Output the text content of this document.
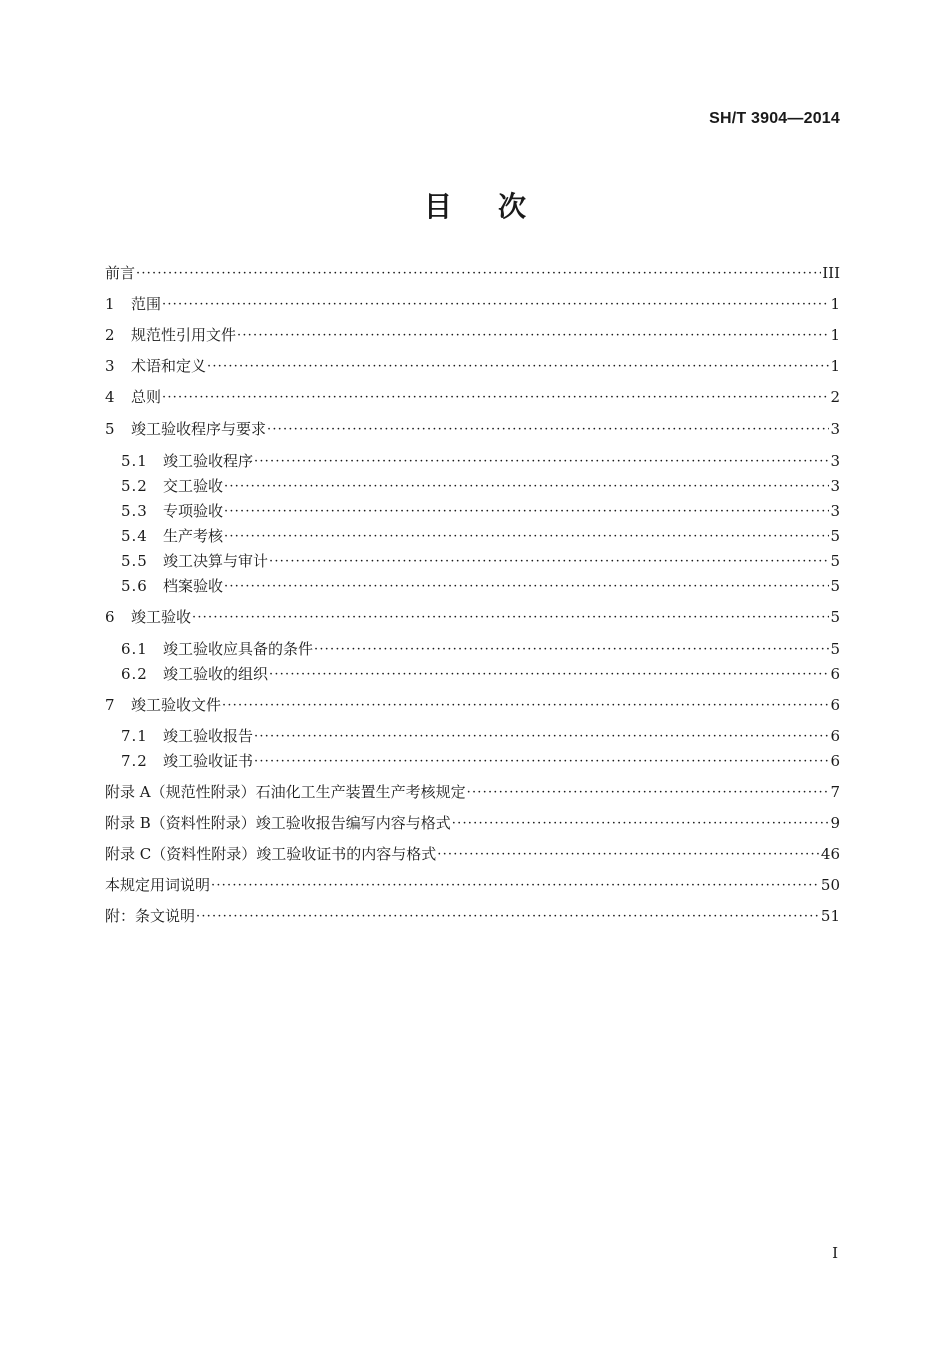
SH/T 3904—2014
目次
前言 ·····	III
1	范围 ·····	1
2	规范性引用文件 ·····	1
3	术语和定义 ·····	1
4	总则 ·····	2
5	竣工验收程序与要求 ·····	3
5.1	竣工验收程序 ·····	3
5.2	交工验收 ·····	3
5.3	专项验收 ·····	3
5.4	生产考核 ·····	5
5.5	竣工决算与审计 ·····	5
5.6	档案验收 ·····	5
6	竣工验收 ·····	5
6.1	竣工验收应具备的条件 ·····	5
6.2	竣工验收的组织 ·····	6
7	竣工验收文件 ·····	6
7.1	竣工验收报告 ·····	6
7.2	竣工验收证书 ·····	6
附录 A（规范性附录）石油化工生产装置生产考核规定 ·····	7
附录 B（资料性附录）竣工验收报告编写内容与格式 ·····	9
附录 C（资料性附录）竣工验收证书的内容与格式 ·····	46
本规定用词说明 ·····	50
附：条文说明 ·····	51
I
